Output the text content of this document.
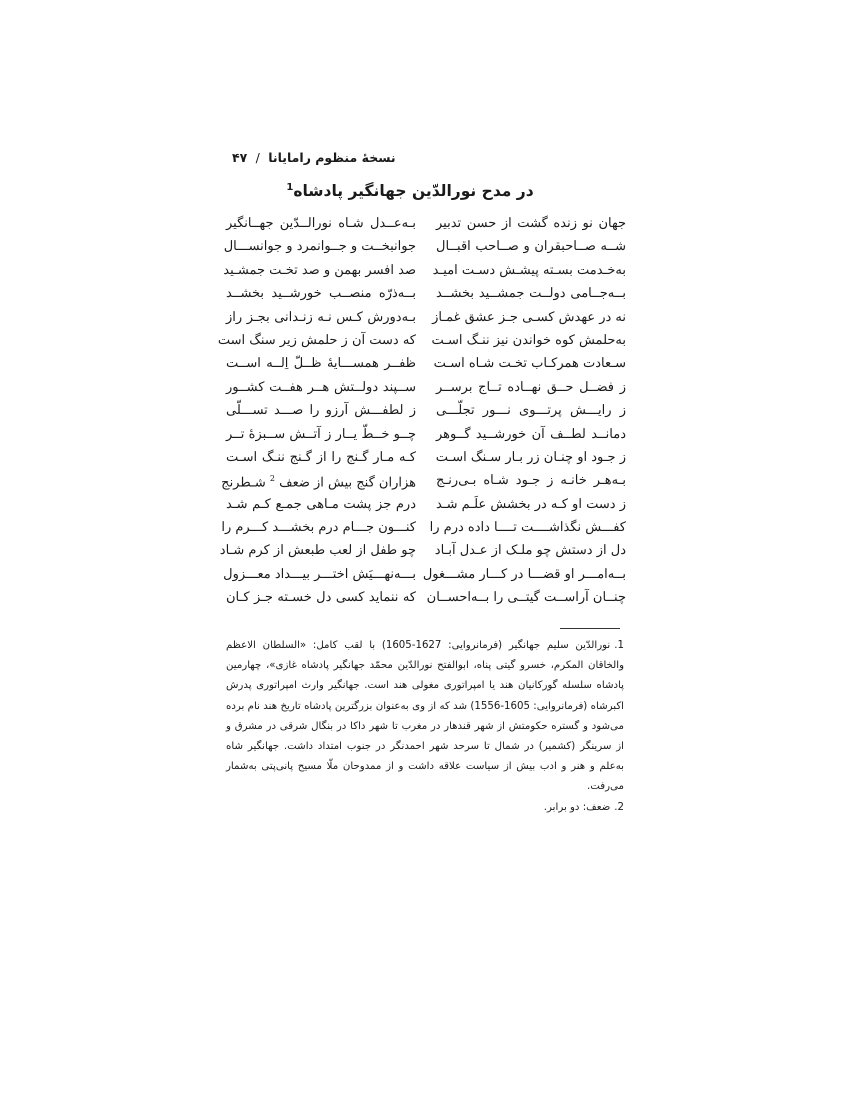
نسخهٔ منظوم رامایانا / ۴۷
در مدح نورالدّین جهانگیر پادشاه$^1$
جهان نو زنده گشت از حسن تدبیر
بـه‌عــدل شـاه نورالــدّین جهــانگیر
شــه صــاحبقران و صــاحب اقبــال
جوانبخــت و جــوانمرد و جوانســـال
به‌خـدمت بسـته پیشـش دسـت امیـد
صد افسر بهمن و صد تخـت جمشـید
بــه‌جــامی دولــت جمشــید بخشــد
بــه‌ذرّه منصــب خورشــید بخشــد
نه در عهدش کسـی جـز عشق غمـاز
بـه‌دورش کـس نـه زنـدانی بجـز راز
به‌حلمش کوه خواندن نیز ننـگ اسـت
که دست آن ز حلمش زیر سنگ است
سـعادت همرکـاب تخـت شـاه اسـت
ظفــر همســـایهٔ ظــلّ اِلــه اســت
ز فضــل حــق نهــاده تــاج برســر
ســپند دولــتش هــر هفــت کشــور
ز رایـــش پرتـــوی نـــور تجلّـــی
ز لطفـــش آرزو را صـــد تســـلّی
دمانــد لطــف آن خورشــید گــوهر
چــو خــطّ یــار ز آتــش ســبزهٔ تــر
ز جـود او چنـان زر بـار سـنگ اسـت
کـه مـار گـنج را از گـنج ننـگ اسـت
بـه‌هـر خانـه ز جـود شـاه بـی‌رنـج
هزاران گنج بیش از ضعف $^2$ شـطرنج
ز دست او کـه در بخشش علَـم شـد
درم جز پشت مـاهی جمـع کـم شـد
کفـــش نگذاشــــت تــــا داده درم را
کنـــون جـــام درم بخشـــد کـــرم را
دل از دستش چو ملـک از عـدل آبـاد
چو طفل از لعب طبعش از کرم شـاد
بــه‌امـــر او قضـــا در کـــار مشـــغول
بـــه‌نهـــیَش اختـــر بیـــداد معـــزول
چنــان آراســت گیتــی را بــه‌احســان
که ننماید کسی دل خسـته جـز کـان

1.نورالدّین سلیم جهانگیر (فرمانروایی: 1627-1605) با لقب کامل: «السلطان الاعظم والخاقان المکرم، خسرو گیتی پناه، ابوالفتح نورالدّین محمّد جهانگیر پادشاه غازی»، چهارمین پادشاه سلسله گورکانیان هند یا امپراتوری مغولی هند است. جهانگیر وارث امپراتوری پدرش اکبرشاه (فرمانروایی: 1605-1556) شد که از وی به‌عنوان بزرگترین پادشاه تاریخ هند نام برده می‌شود و گستره حکومتش از شهر قندهار در مغرب تا شهر داکا در بنگال شرقی در مشرق و از سرینگر (کشمیر) در شمال تا سرحد شهر احمدنگر در جنوب امتداد داشت. جهانگیر شاه به‌علم و هنر و ادب بیش از سیاست علاقه داشت و از ممدوحان ملّا مسیح پانی‌پتی به‌شمار می‌رفت.

2.ضعف: دو برابر.
